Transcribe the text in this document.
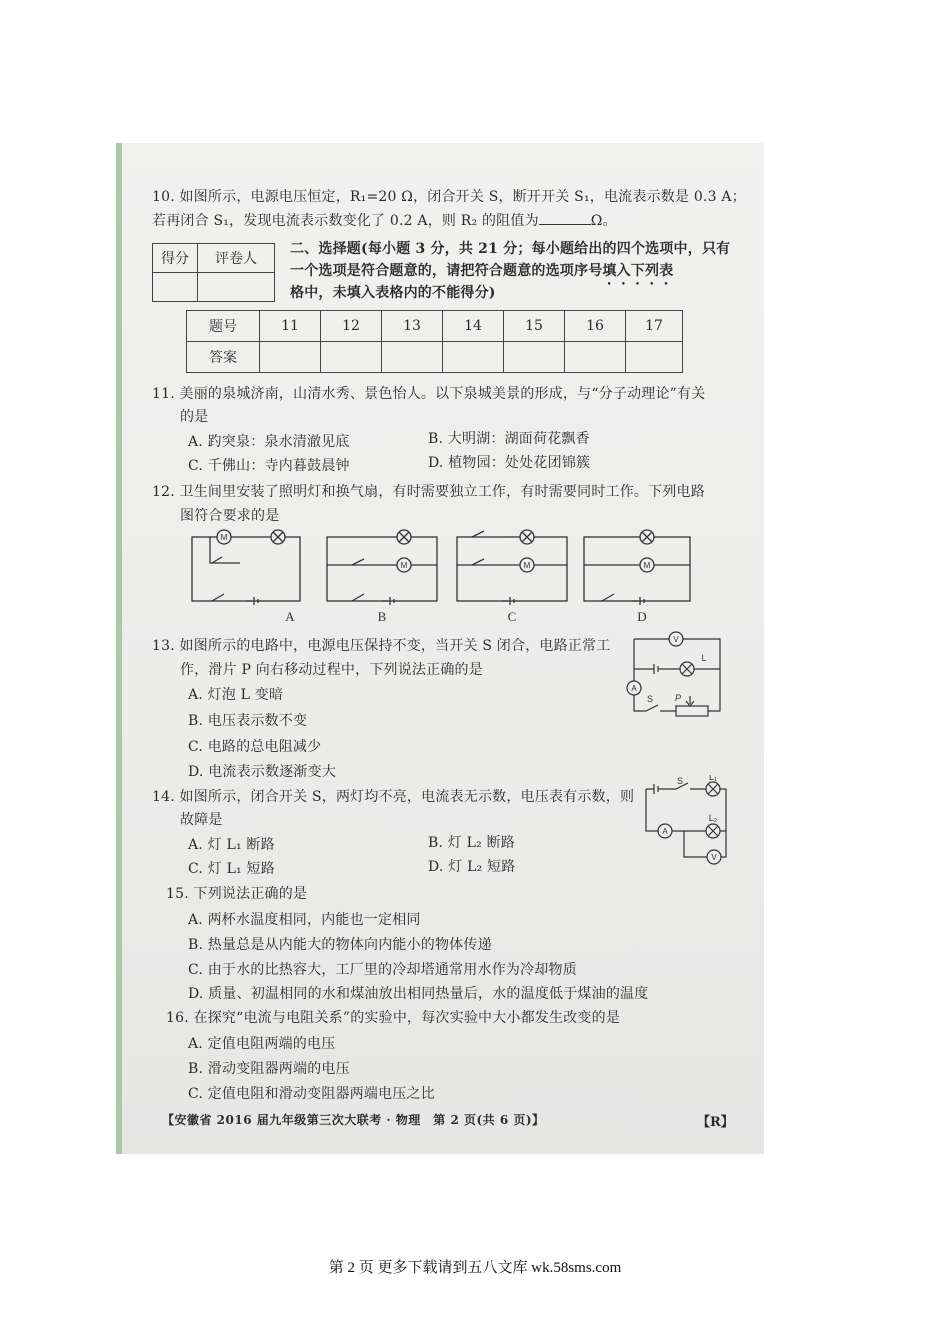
10. 如图所示，电源电压恒定，R₁=20 Ω，闭合开关 S，断开开关 S₁，电流表示数是 0.3 A；
若再闭合 S₁，发现电流表示数变化了 0.2 A，则 R₂ 的阻值为	Ω。
得分	评卷人

二、选择题(每小题 3 分，共 21 分；每小题给出的四个选项中，只有
一个选项是符合题意的，请把符合题意的选项序号填入下列表
格中，未填入表格内的不能得分)
题号	11	12	13	14	15	16	17
答案							
11. 美丽的泉城济南，山清水秀、景色怡人。以下泉城美景的形成，与“分子动理论”有关
的是
A. 趵突泉：泉水清澈见底	B. 大明湖：湖面荷花飘香
C. 千佛山：寺内暮鼓晨钟	D. 植物园：处处花团锦簇
12. 卫生间里安装了照明灯和换气扇，有时需要独立工作，有时需要同时工作。下列电路
图符合要求的是
M
M	M	M
A	B	C	D
13. 如图所示的电路中，电源电压保持不变，当开关 S 闭合，电路正常工
作，滑片 P 向右移动过程中，下列说法正确的是
A. 灯泡 L 变暗
B. 电压表示数不变
C. 电路的总电阻减少
D. 电流表示数逐渐变大
V
L
A
S P
14. 如图所示，闭合开关 S，两灯均不亮，电流表无示数，电压表有示数，则
故障是
A. 灯 L₁ 断路	B. 灯 L₂ 断路
C. 灯 L₁ 短路	D. 灯 L₂ 短路
S	L₁
L₂
A
V
15. 下列说法正确的是
A. 两杯水温度相同，内能也一定相同
B. 热量总是从内能大的物体向内能小的物体传递
C. 由于水的比热容大，工厂里的冷却塔通常用水作为冷却物质
D. 质量、初温相同的水和煤油放出相同热量后，水的温度低于煤油的温度
16. 在探究“电流与电阻关系”的实验中，每次实验中大小都发生改变的是
A. 定值电阻两端的电压
B. 滑动变阻器两端的电压
C. 定值电阻和滑动变阻器两端电压之比
【安徽省 2016 届九年级第三次大联考 · 物理　第 2 页(共 6 页)】	【R】
第 2 页 更多下载请到五八文库 wk.58sms.com
